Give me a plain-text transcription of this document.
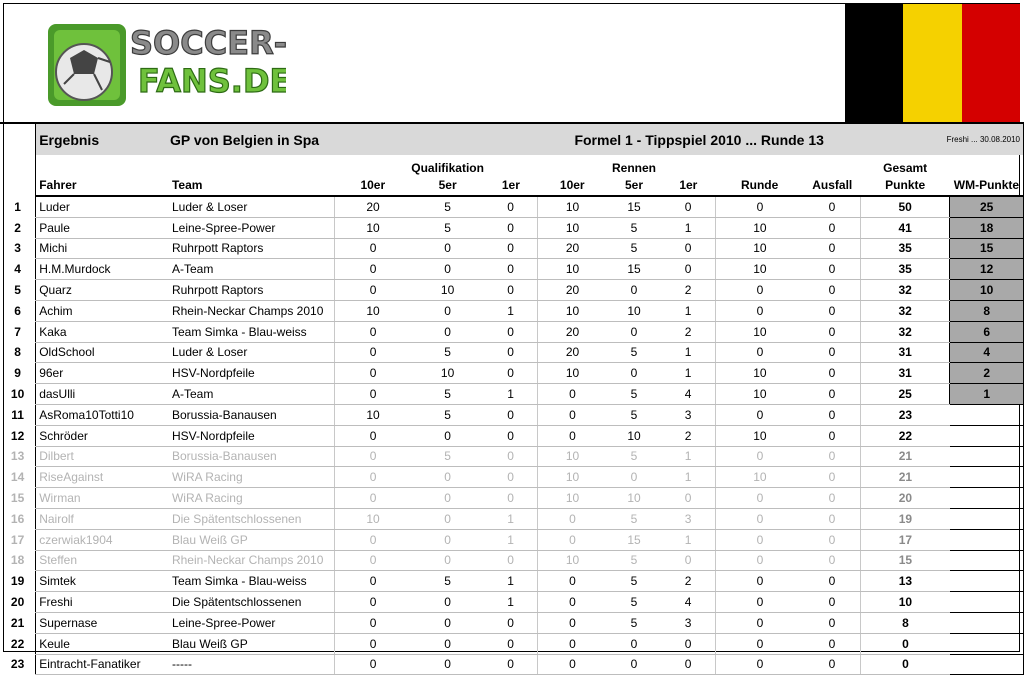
SOCCER-
FANS.DE
	Ergebnis	GP von Belgien in Spa				Formel 1 - Tippspiel 2010 ... Runde 13					Freshi ... 30.08.2010	
				Qualifikation			Rennen				Gesamt	
	Fahrer	Team	10er	5er	1er	10er	5er	1er	Runde	Ausfall	Punkte	WM-Punkte
1	Luder	Luder & Loser	20	5	0	10	15	0	0	0	50	25
2	Paule	Leine-Spree-Power	10	5	0	10	5	1	10	0	41	18
3	Michi	Ruhrpott Raptors	0	0	0	20	5	0	10	0	35	15
4	H.M.Murdock	A-Team	0	0	0	10	15	0	10	0	35	12
5	Quarz	Ruhrpott Raptors	0	10	0	20	0	2	0	0	32	10
6	Achim	Rhein-Neckar Champs 2010	10	0	1	10	10	1	0	0	32	8
7	Kaka	Team Simka - Blau-weiss	0	0	0	20	0	2	10	0	32	6
8	OldSchool	Luder & Loser	0	5	0	20	5	1	0	0	31	4
9	96er	HSV-Nordpfeile	0	10	0	10	0	1	10	0	31	2
10	dasUlli	A-Team	0	5	1	0	5	4	10	0	25	1
11	AsRoma10Totti10	Borussia-Banausen	10	5	0	0	5	3	0	0	23	
12	Schröder	HSV-Nordpfeile	0	0	0	0	10	2	10	0	22	
13	Dilbert	Borussia-Banausen	0	5	0	10	5	1	0	0	21	
14	RiseAgainst	WiRA Racing	0	0	0	10	0	1	10	0	21	
15	Wirman	WiRA Racing	0	0	0	10	10	0	0	0	20	
16	Nairolf	Die Spätentschlossenen	10	0	1	0	5	3	0	0	19	
17	czerwiak1904	Blau Weiß GP	0	0	1	0	15	1	0	0	17	
18	Steffen	Rhein-Neckar Champs 2010	0	0	0	10	5	0	0	0	15	
19	Simtek	Team Simka - Blau-weiss	0	5	1	0	5	2	0	0	13	
20	Freshi	Die Spätentschlossenen	0	0	1	0	5	4	0	0	10	
21	Supernase	Leine-Spree-Power	0	0	0	0	5	3	0	0	8	
22	Keule	Blau Weiß GP	0	0	0	0	0	0	0	0	0	
23	Eintracht-Fanatiker	-----	0	0	0	0	0	0	0	0	0	
